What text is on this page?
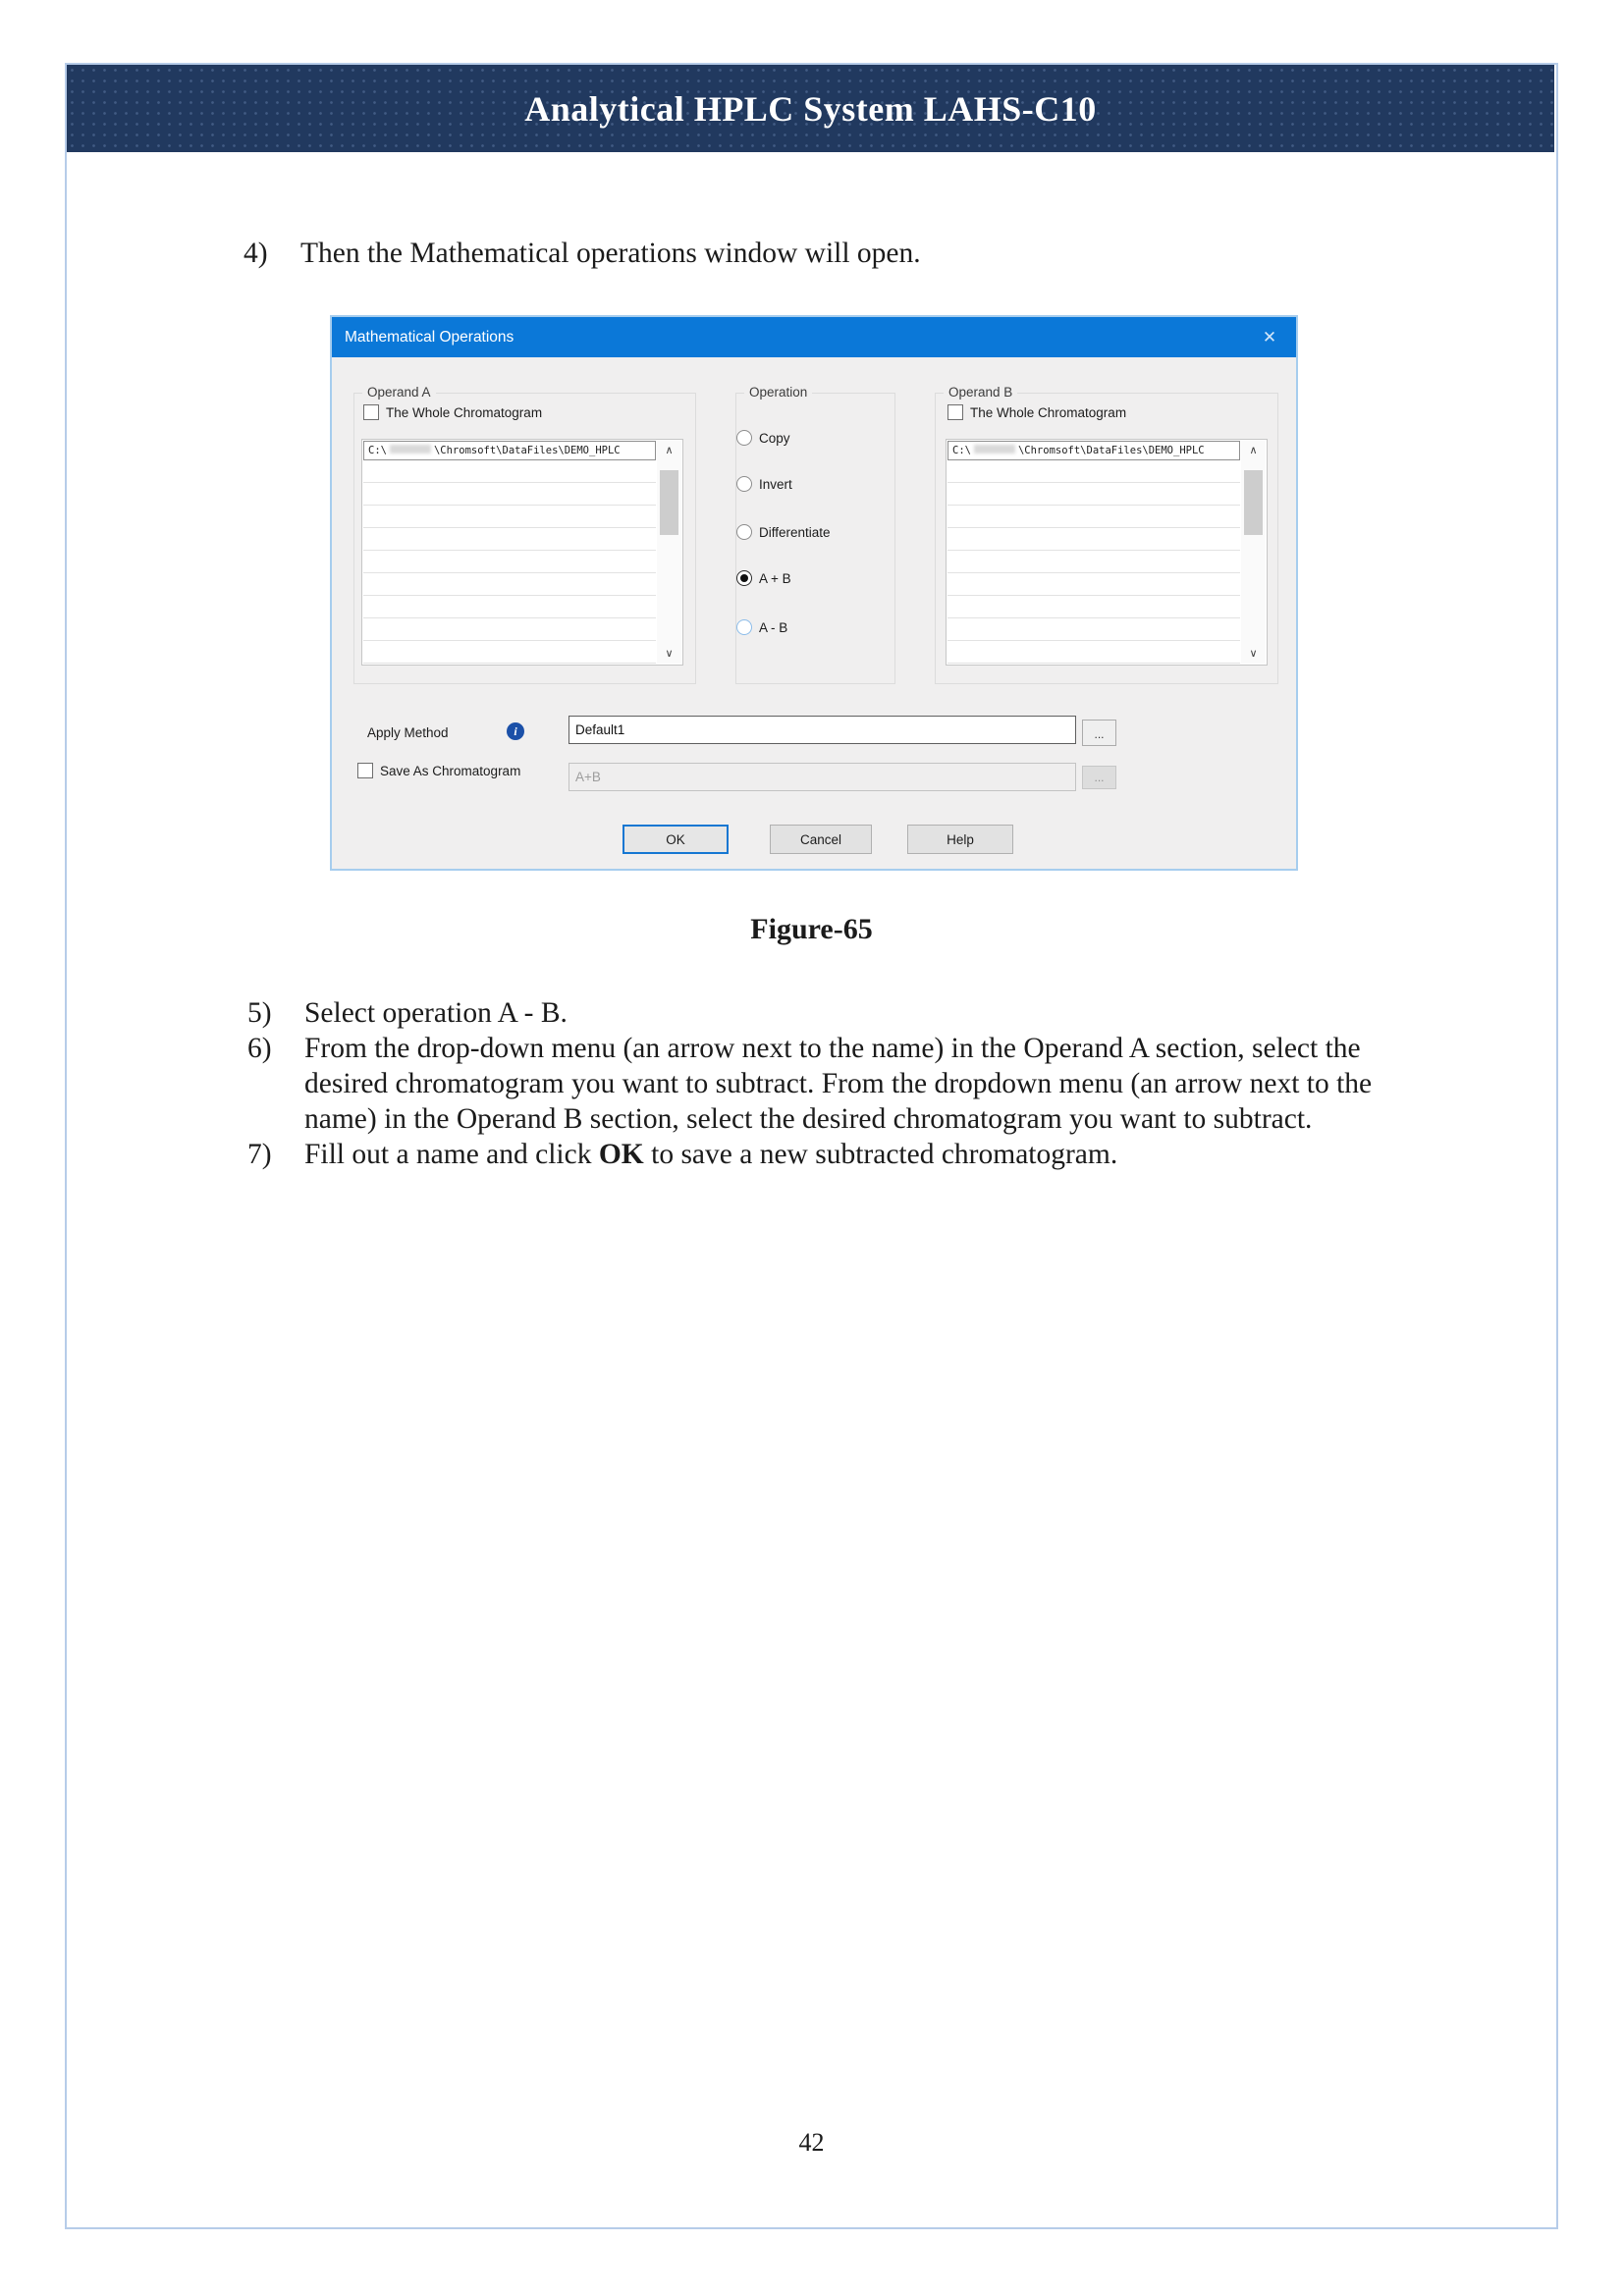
Analytical HPLC System LAHS-C10
4)	Then the Mathematical operations window will open.
Mathematical Operations	✕
Operand A
The Whole Chromatogram
C:\	\Chromsoft\DataFiles\DEMO_HPLC	∧
∨
Operation
Copy
Invert
Differentiate
A + B
A - B
Operand B
The Whole Chromatogram
C:\	\Chromsoft\DataFiles\DEMO_HPLC	∧
∨
Apply Method	i
Default1	...
Save As Chromatogram
A+B	...
OK	Cancel	Help
Figure-65
5)	Select operation A - B.
6)	From the drop-down menu (an arrow next to the name) in the Operand A section, select the desired chromatogram you want to subtract. From the dropdown menu (an arrow next to the name) in the Operand B section, select the desired chromatogram you want to subtract.
7)	Fill out a name and click OK to save a new subtracted chromatogram.
42
